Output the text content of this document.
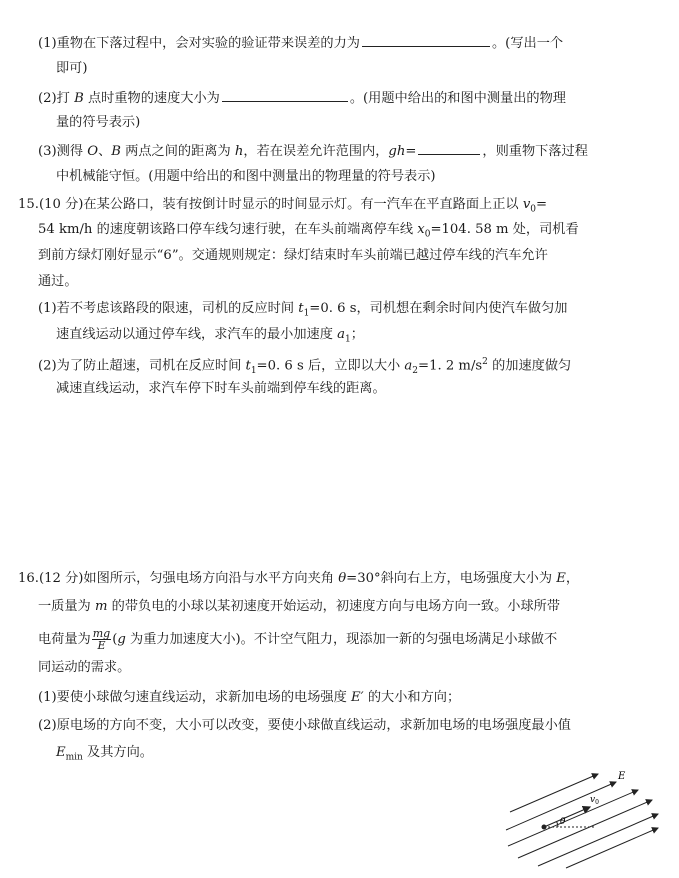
(1)重物在下落过程中，会对实验的验证带来误差的力为	。(写出一个
即可)
(2)打 B 点时重物的速度大小为	。(用题中给出的和图中测量出的物理
量的符号表示)
(3)测得 O、B 两点之间的距离为 h，若在误差允许范围内，gh=	，则重物下落过程
中机械能守恒。(用题中给出的和图中测量出的物理量的符号表示)
15.(10 分)在某公路口，装有按倒计时显示的时间显示灯。有一汽车在平直路面上正以 $v_0=$
54 km/h 的速度朝该路口停车线匀速行驶，在车头前端离停车线 $x_0=104$. 58 m 处，司机看
到前方绿灯刚好显示“6”。交通规则规定：绿灯结束时车头前端已越过停车线的汽车允许
通过。
(1)若不考虑该路段的限速，司机的反应时间 $t_1=0$. 6 s，司机想在剩余时间内使汽车做匀加
速直线运动以通过停车线，求汽车的最小加速度 $a_1$；
(2)为了防止超速，司机在反应时间 $t_1=0$. 6 s 后，立即以大小 $a_2=1$. 2 $m/s^2$ 的加速度做匀
减速直线运动，求汽车停下时车头前端到停车线的距离。
16.(12 分)如图所示，匀强电场方向沿与水平方向夹角 θ=30°斜向右上方，电场强度大小为 E，
一质量为 m 的带负电的小球以某初速度开始运动，初速度方向与电场方向一致。小球所带
电荷量为 $\frac{mg}{E} (g$ 为重力加速度大小)。不计空气阻力，现添加一新的匀强电场满足小球做不
同运动的需求。
(1)要使小球做匀速直线运动，求新加电场的电场强度 E′ 的大小和方向；
(2)原电场的方向不变，大小可以改变，要使小球做直线运动，求新加电场的电场强度最小值
$E_{min}$ 及其方向。
E
$v_0$
θ
